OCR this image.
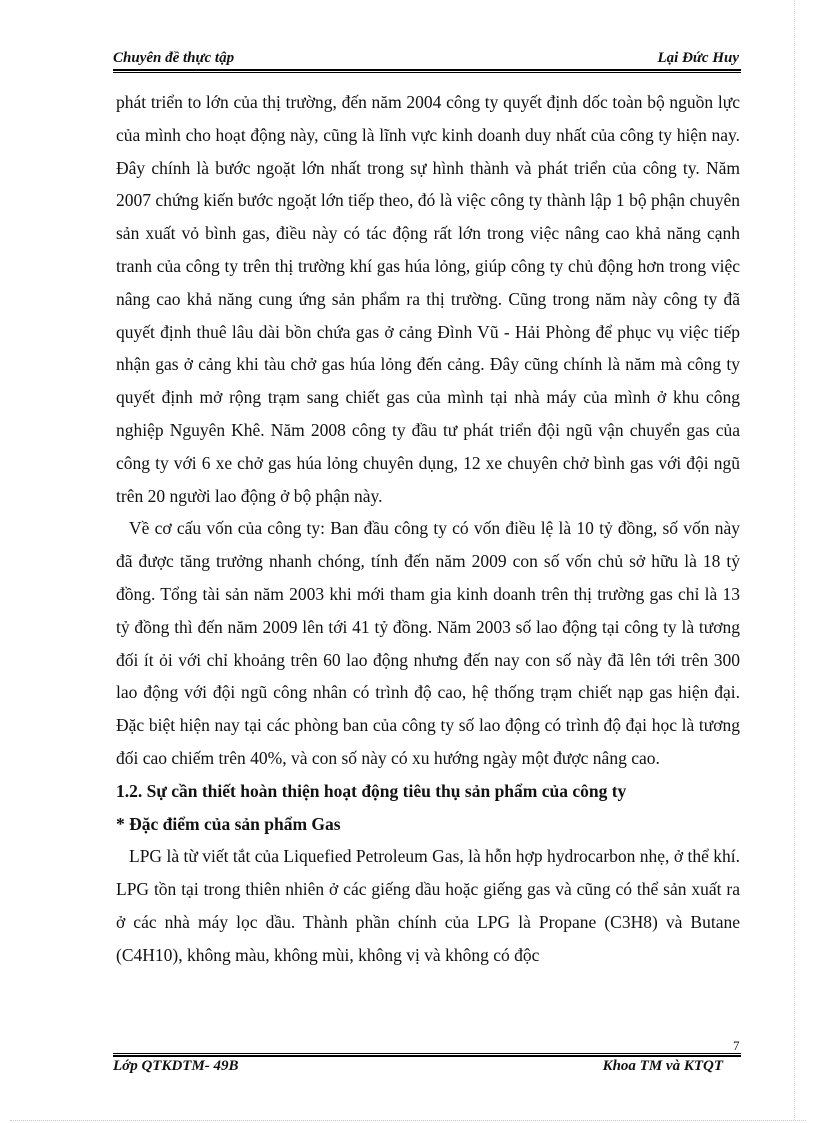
Chuyên đề thực tập	Lại Đức Huy

phát triển to lớn của thị trường, đến năm 2004 công ty quyết định dốc toàn bộ nguồn lực của mình cho hoạt động này, cũng là lĩnh vực kinh doanh duy nhất của công ty hiện nay. Đây chính là bước ngoặt lớn nhất trong sự hình thành và phát triển của công ty. Năm 2007 chứng kiến bước ngoặt lớn tiếp theo, đó là việc công ty thành lập 1 bộ phận chuyên sản xuất vỏ bình gas, điều này có tác động rất lớn trong việc nâng cao khả năng cạnh tranh của công ty trên thị trường khí gas húa lỏng, giúp công ty chủ động hơn trong việc nâng cao khả năng cung ứng sản phẩm ra thị trường. Cũng trong năm này công ty đã quyết định thuê lâu dài bồn chứa gas ở cảng Đình Vũ - Hải Phòng để phục vụ việc tiếp nhận gas ở cảng khi tàu chở gas húa lỏng đến cảng. Đây cũng chính là năm mà công ty quyết định mở rộng trạm sang chiết gas của mình tại nhà máy của mình ở khu công nghiệp Nguyên Khê. Năm 2008 công ty đầu tư phát triển đội ngũ vận chuyển gas của công ty với 6 xe chở gas húa lỏng chuyên dụng, 12 xe chuyên chở bình gas với đội ngũ trên 20 người lao động ở bộ phận này.

Về cơ cấu vốn của công ty: Ban đầu công ty có vốn điều lệ là 10 tỷ đồng, số vốn này đã được tăng trưởng nhanh chóng, tính đến năm 2009 con số vốn chủ sở hữu là 18 tỷ đồng. Tổng tài sản năm 2003 khi mới tham gia kinh doanh trên thị trường gas chỉ là 13 tỷ đồng thì đến năm 2009 lên tới 41 tỷ đồng. Năm 2003 số lao động tại công ty là tương đối ít ỏi với chỉ khoảng trên 60 lao động nhưng đến nay con số này đã lên tới trên 300 lao động với đội ngũ công nhân có trình độ cao, hệ thống trạm chiết nạp gas hiện đại. Đặc biệt hiện nay tại các phòng ban của công ty số lao động có trình độ đại học là tương đối cao chiếm trên 40%, và con số này có xu hướng ngày một được nâng cao.

1.2. Sự cần thiết hoàn thiện hoạt động tiêu thụ sản phẩm của công ty

* Đặc điểm của sản phẩm Gas

LPG là từ viết tắt của Liquefied Petroleum Gas, là hỗn hợp hydrocarbon nhẹ, ở thể khí. LPG tồn tại trong thiên nhiên ở các giếng dầu hoặc giếng gas và cũng có thể sản xuất ra ở các nhà máy lọc dầu. Thành phần chính của LPG là Propane (C3H8) và Butane (C4H10), không màu, không mùi, không vị và không có độc

7
Lớp QTKDTM- 49B	Khoa TM và KTQT
